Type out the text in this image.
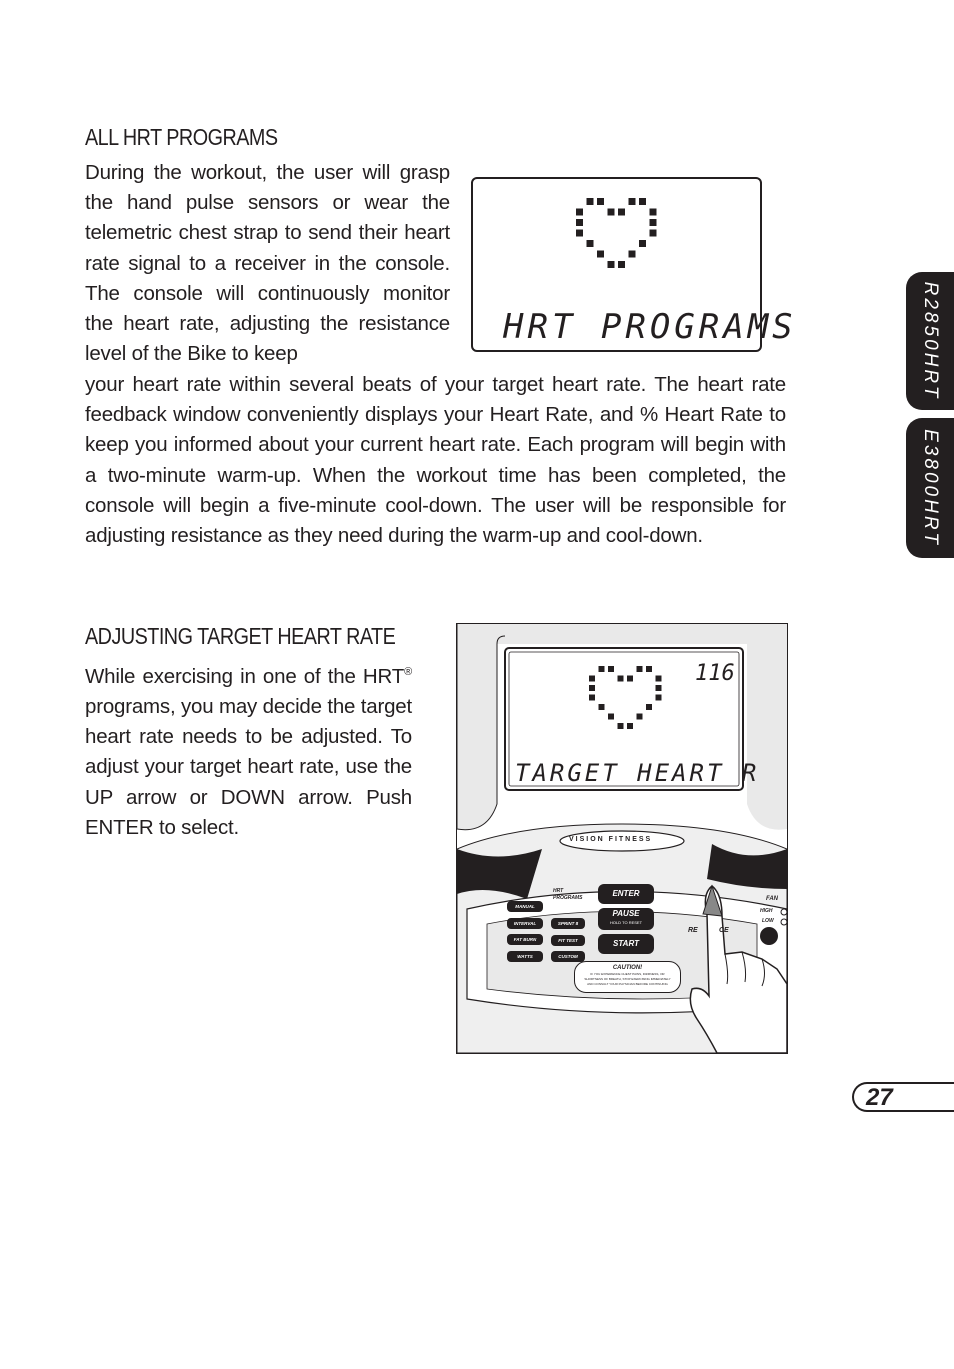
ALL HRT PROGRAMS

During the workout, the user will grasp the hand pulse sensors or wear the telemetric chest strap to send their heart rate signal to a receiver in the console. The console will continuously monitor the heart rate, adjusting the resistance level of the Bike to keep

HRT PROGRAMS

your heart rate within several beats of your target heart rate. The heart rate feedback window conveniently displays your Heart Rate, and % Heart Rate to keep you informed about your current heart rate. Each program will begin with a two-minute warm-up. When the workout time has been completed, the console will begin a five-minute cool-down. The user will be responsible for adjusting resistance as they need during the warm-up and cool-down.

ADJUSTING TARGET HEART RATE

While exercising in one of the HRT® programs, you may decide the target heart rate needs to be adjusted. To adjust your target heart rate, use the UP arrow or DOWN arrow. Push ENTER to select.

116
TARGET HEART R
VISION FITNESS
MANUAL
INTERVAL
FAT BURN
WATTS
HRT
PROGRAMS
SPRINT 8
FIT TEST
CUSTOM
ENTER
PAUSE
HOLD TO RESET
START
CAUTION!
IF YOU EXPERIENCE CHEST PAINS, DIZZINESS, OR
SHORTNESS OF BREATH, STOP EXERCISING IMMEDIATELY
AND CONSULT YOUR PHYSICIAN BEFORE CONTINUING
FAN
HIGH
LOW
RE	CE
R2850HRT
E3800HRT
27
